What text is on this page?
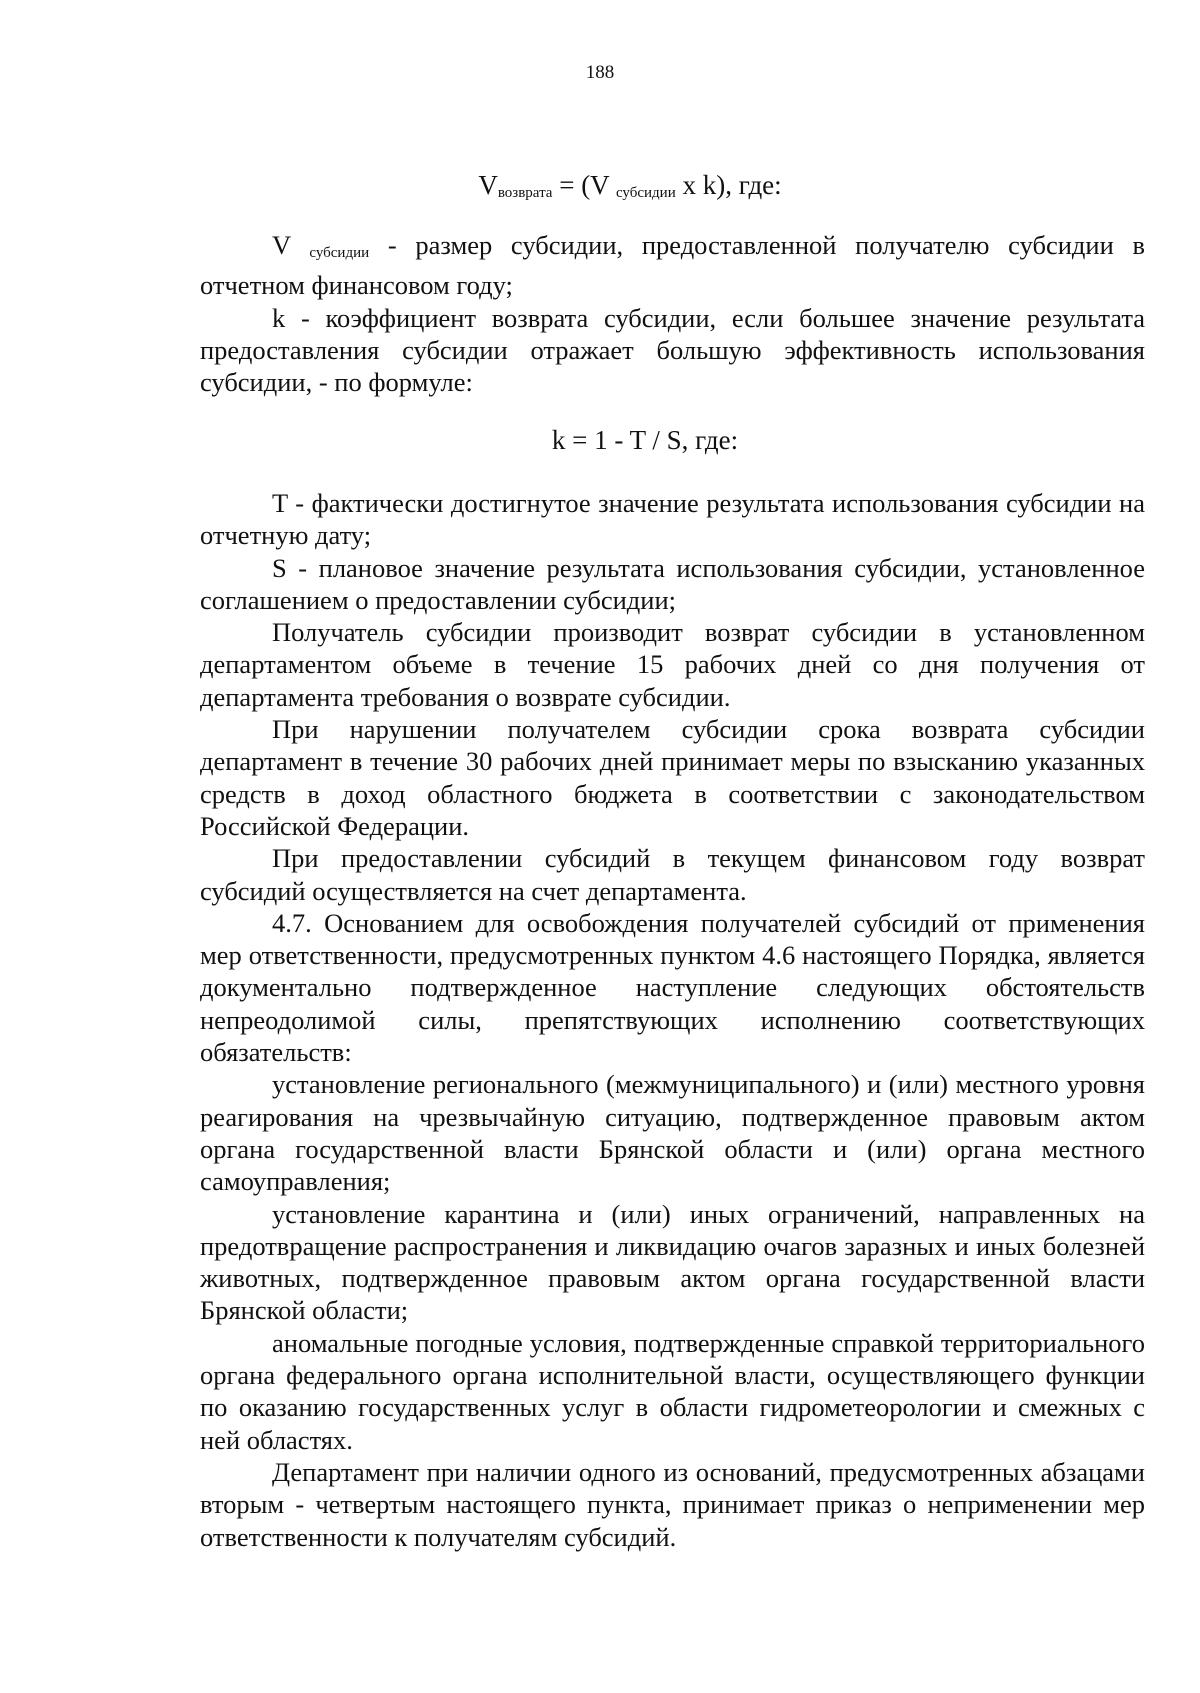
188
$V_{возврата} = (V$ $_{субсидии}$ x k), где:

V субсидии - размер субсидии, предоставленной получателю субсидии в отчетном финансовом году;

k - коэффициент возврата субсидии, если большее значение результата предоставления субсидии отражает большую эффективность использования субсидии, - по формуле:

k = 1 - T / S, где:

T - фактически достигнутое значение результата использования субсидии на отчетную дату;

S - плановое значение результата использования субсидии, установленное соглашением о предоставлении субсидии;

Получатель субсидии производит возврат субсидии в установленном департаментом объеме в течение 15 рабочих дней со дня получения от департамента требования о возврате субсидии.

При нарушении получателем субсидии срока возврата субсидии департамент в течение 30 рабочих дней принимает меры по взысканию указанных средств в доход областного бюджета в соответствии с законодательством Российской Федерации.

При предоставлении субсидий в текущем финансовом году возврат субсидий осуществляется на счет департамента.

4.7. Основанием для освобождения получателей субсидий от применения мер ответственности, предусмотренных пунктом 4.6 настоящего Порядка, является документально подтвержденное наступление следующих обстоятельств непреодолимой силы, препятствующих исполнению соответствующих обязательств:

установление регионального (межмуниципального) и (или) местного уровня реагирования на чрезвычайную ситуацию, подтвержденное правовым актом органа государственной власти Брянской области и (или) органа местного самоуправления;

установление карантина и (или) иных ограничений, направленных на предотвращение распространения и ликвидацию очагов заразных и иных болезней животных, подтвержденное правовым актом органа государственной власти Брянской области;

аномальные погодные условия, подтвержденные справкой территориального органа федерального органа исполнительной власти, осуществляющего функции по оказанию государственных услуг в области гидрометеорологии и смежных с ней областях.

Департамент при наличии одного из оснований, предусмотренных абзацами вторым - четвертым настоящего пункта, принимает приказ о неприменении мер ответственности к получателям субсидий.
